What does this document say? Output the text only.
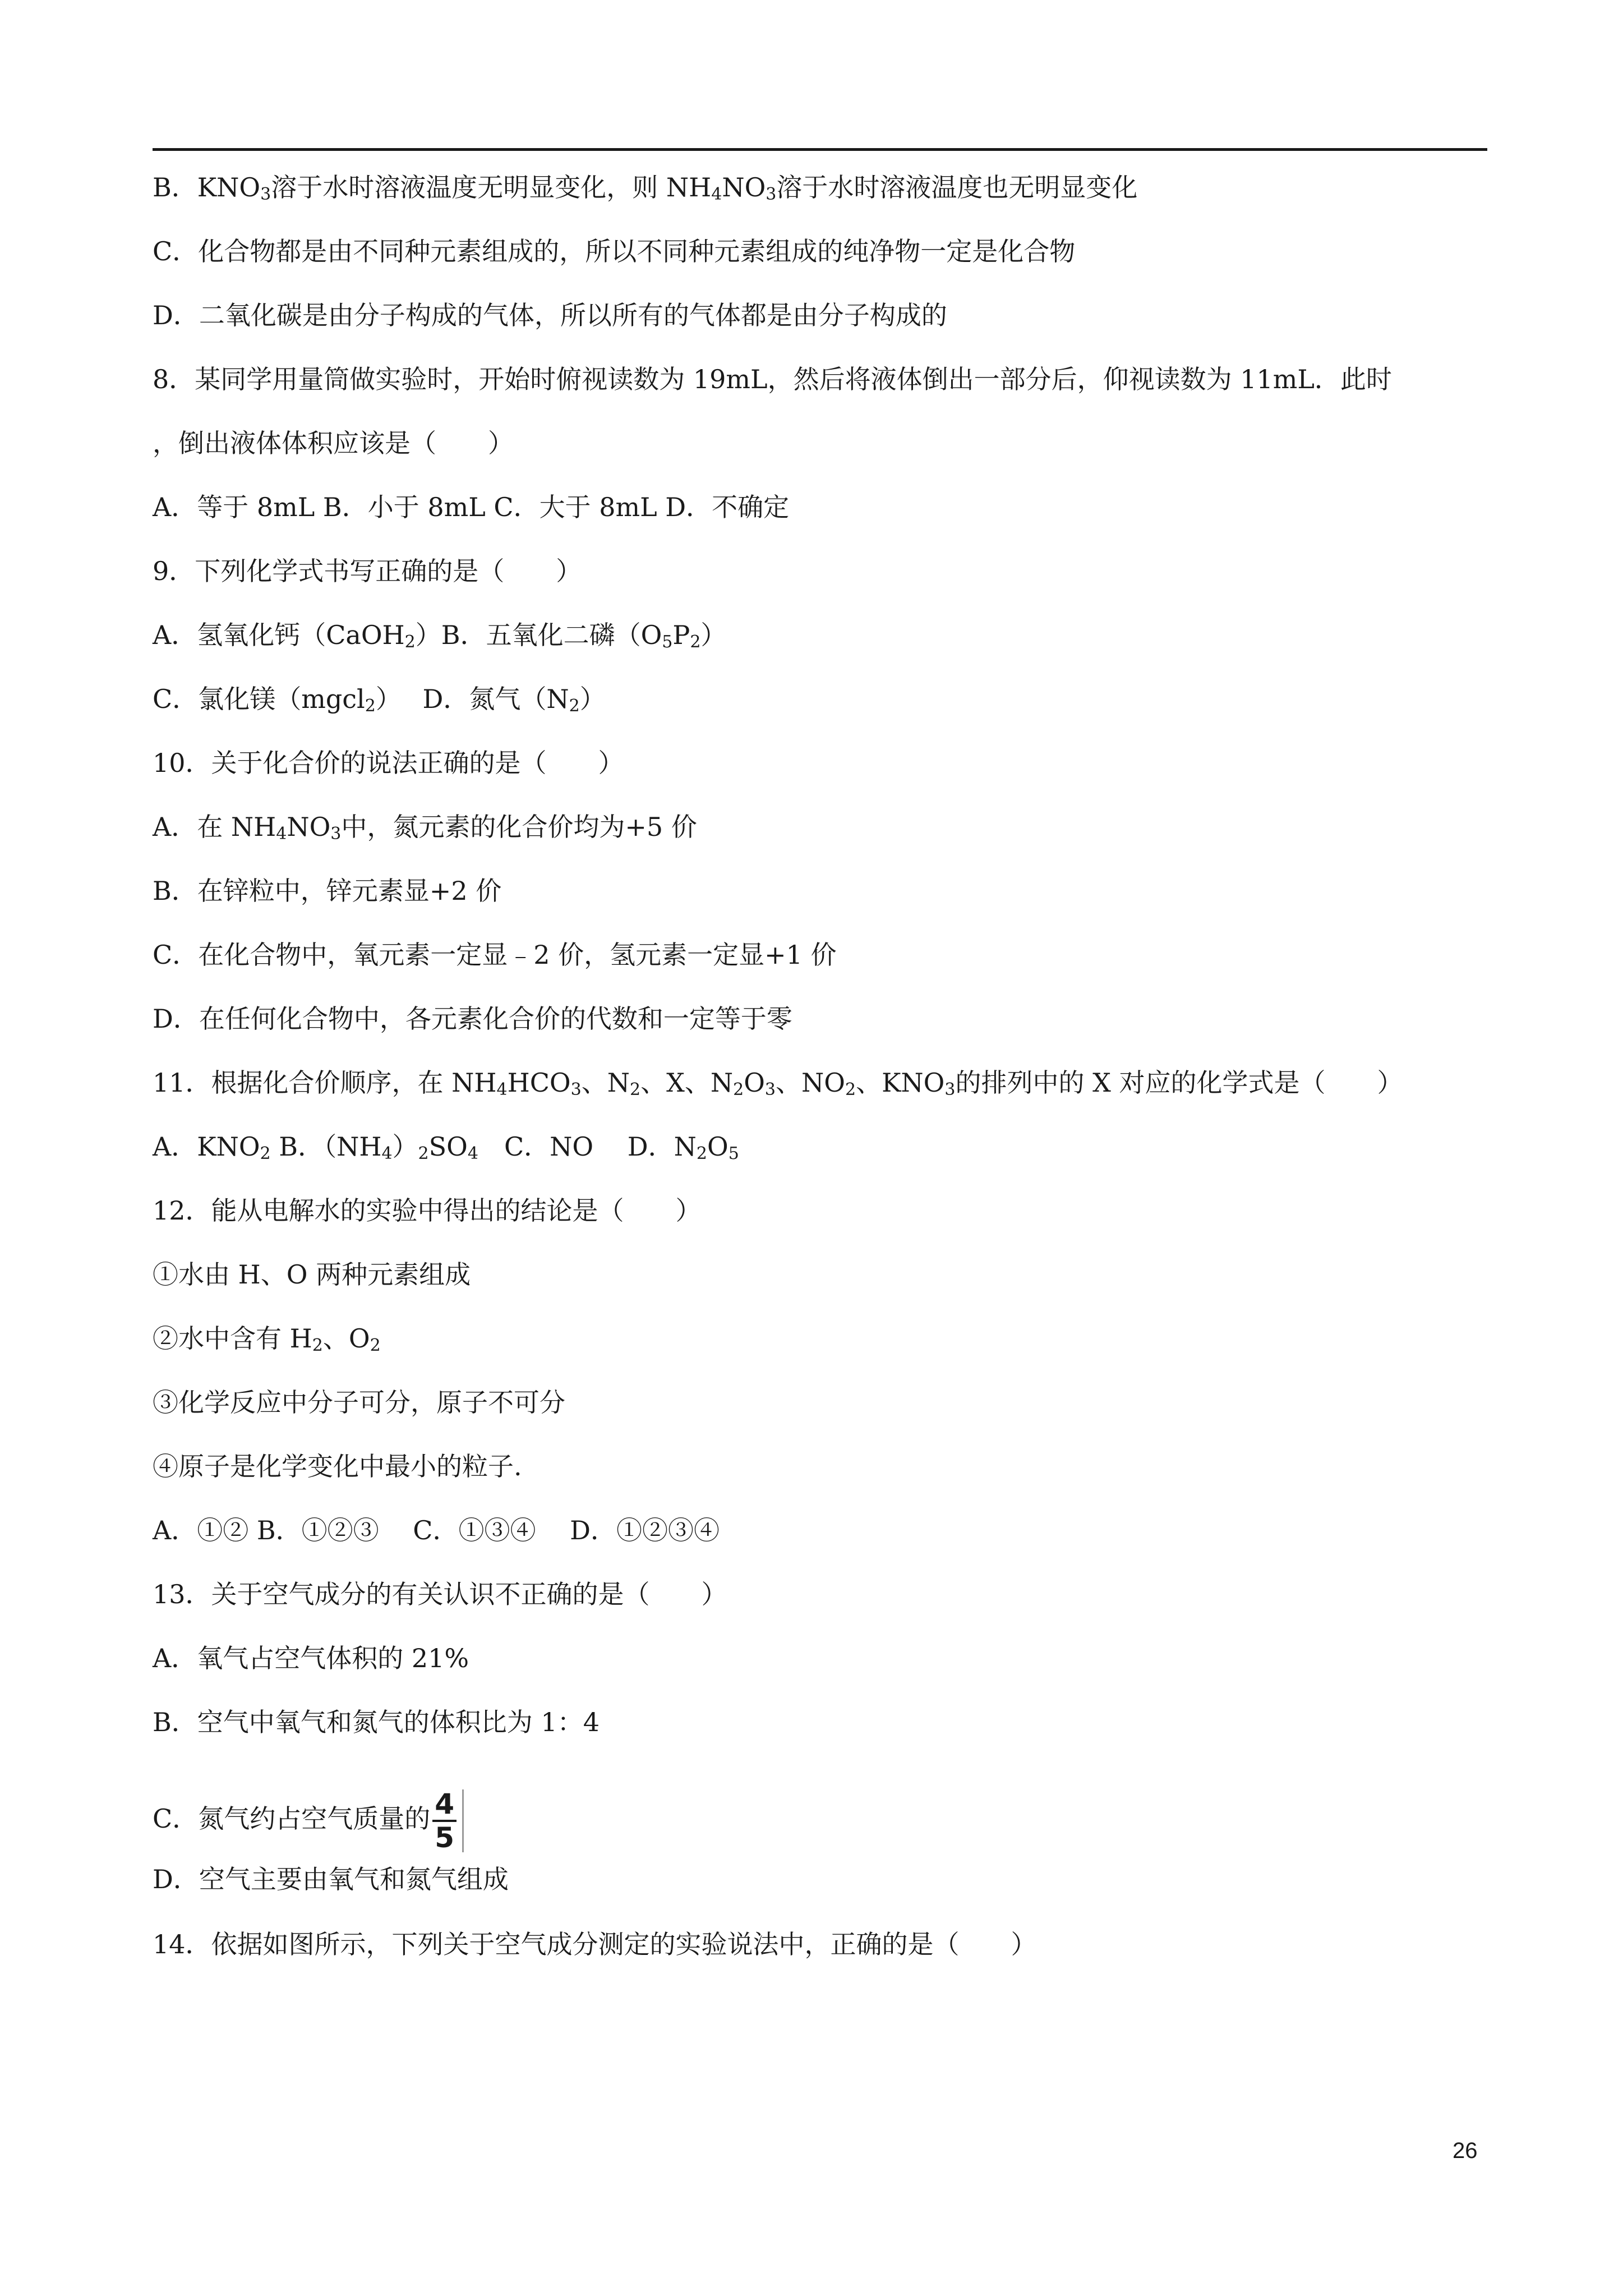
B．$KNO_3$溶于水时溶液温度无明显变化，则 $NH_4NO_3$溶于水时溶液温度也无明显变化
C．化合物都是由不同种元素组成的，所以不同种元素组成的纯净物一定是化合物
D．二氧化碳是由分子构成的气体，所以所有的气体都是由分子构成的
8．某同学用量筒做实验时，开始时俯视读数为 19mL，然后将液体倒出一部分后，仰视读数为 11mL．此时
，倒出液体体积应该是（　　）
A．等于 8mL B．小于 8mL C．大于 8mL D．不确定
9．下列化学式书写正确的是（　　）
A．氢氧化钙（CaOH$_2$）B．五氧化二磷$(O_5P_2)$
C．氯化镁（mgcl$_2$）　 D．氮气$(N_2)$
10．关于化合价的说法正确的是（　　）
A．在 $NH_4NO_3$中，氮元素的化合价均为+5 价
B．在锌粒中，锌元素显+2 价
C．在化合物中，氧元素一定显﹣2 价，氢元素一定显+1 价
D．在任何化合物中，各元素化合价的代数和一定等于零
11．根据化合价顺序，在 $NH_4HCO_3$、$N_2$、X、$N_2O_3$、$NO_2$、$KNO_3$的排列中的 X 对应的化学式是（　　）
A．$KNO_2$ B．$(NH_4)_2SO_4$　C．NO　 D．$N_2O_5$
12．能从电解水的实验中得出的结论是（　　）
①水由 H、O 两种元素组成
②水中含有 $H_2$、$O_2$
③化学反应中分子可分，原子不可分
④原子是化学变化中最小的粒子.
A．①② B．①②③　 C．①③④　 D．①②③④
13．关于空气成分的有关认识不正确的是（　　）
A．氧气占空气体积的 21%
B．空气中氧气和氮气的体积比为 1：4
C．氮气约占空气质量的 $\frac{4}{5}$
D．空气主要由氧气和氮气组成
14．依据如图所示，下列关于空气成分测定的实验说法中，正确的是（　　）
26
